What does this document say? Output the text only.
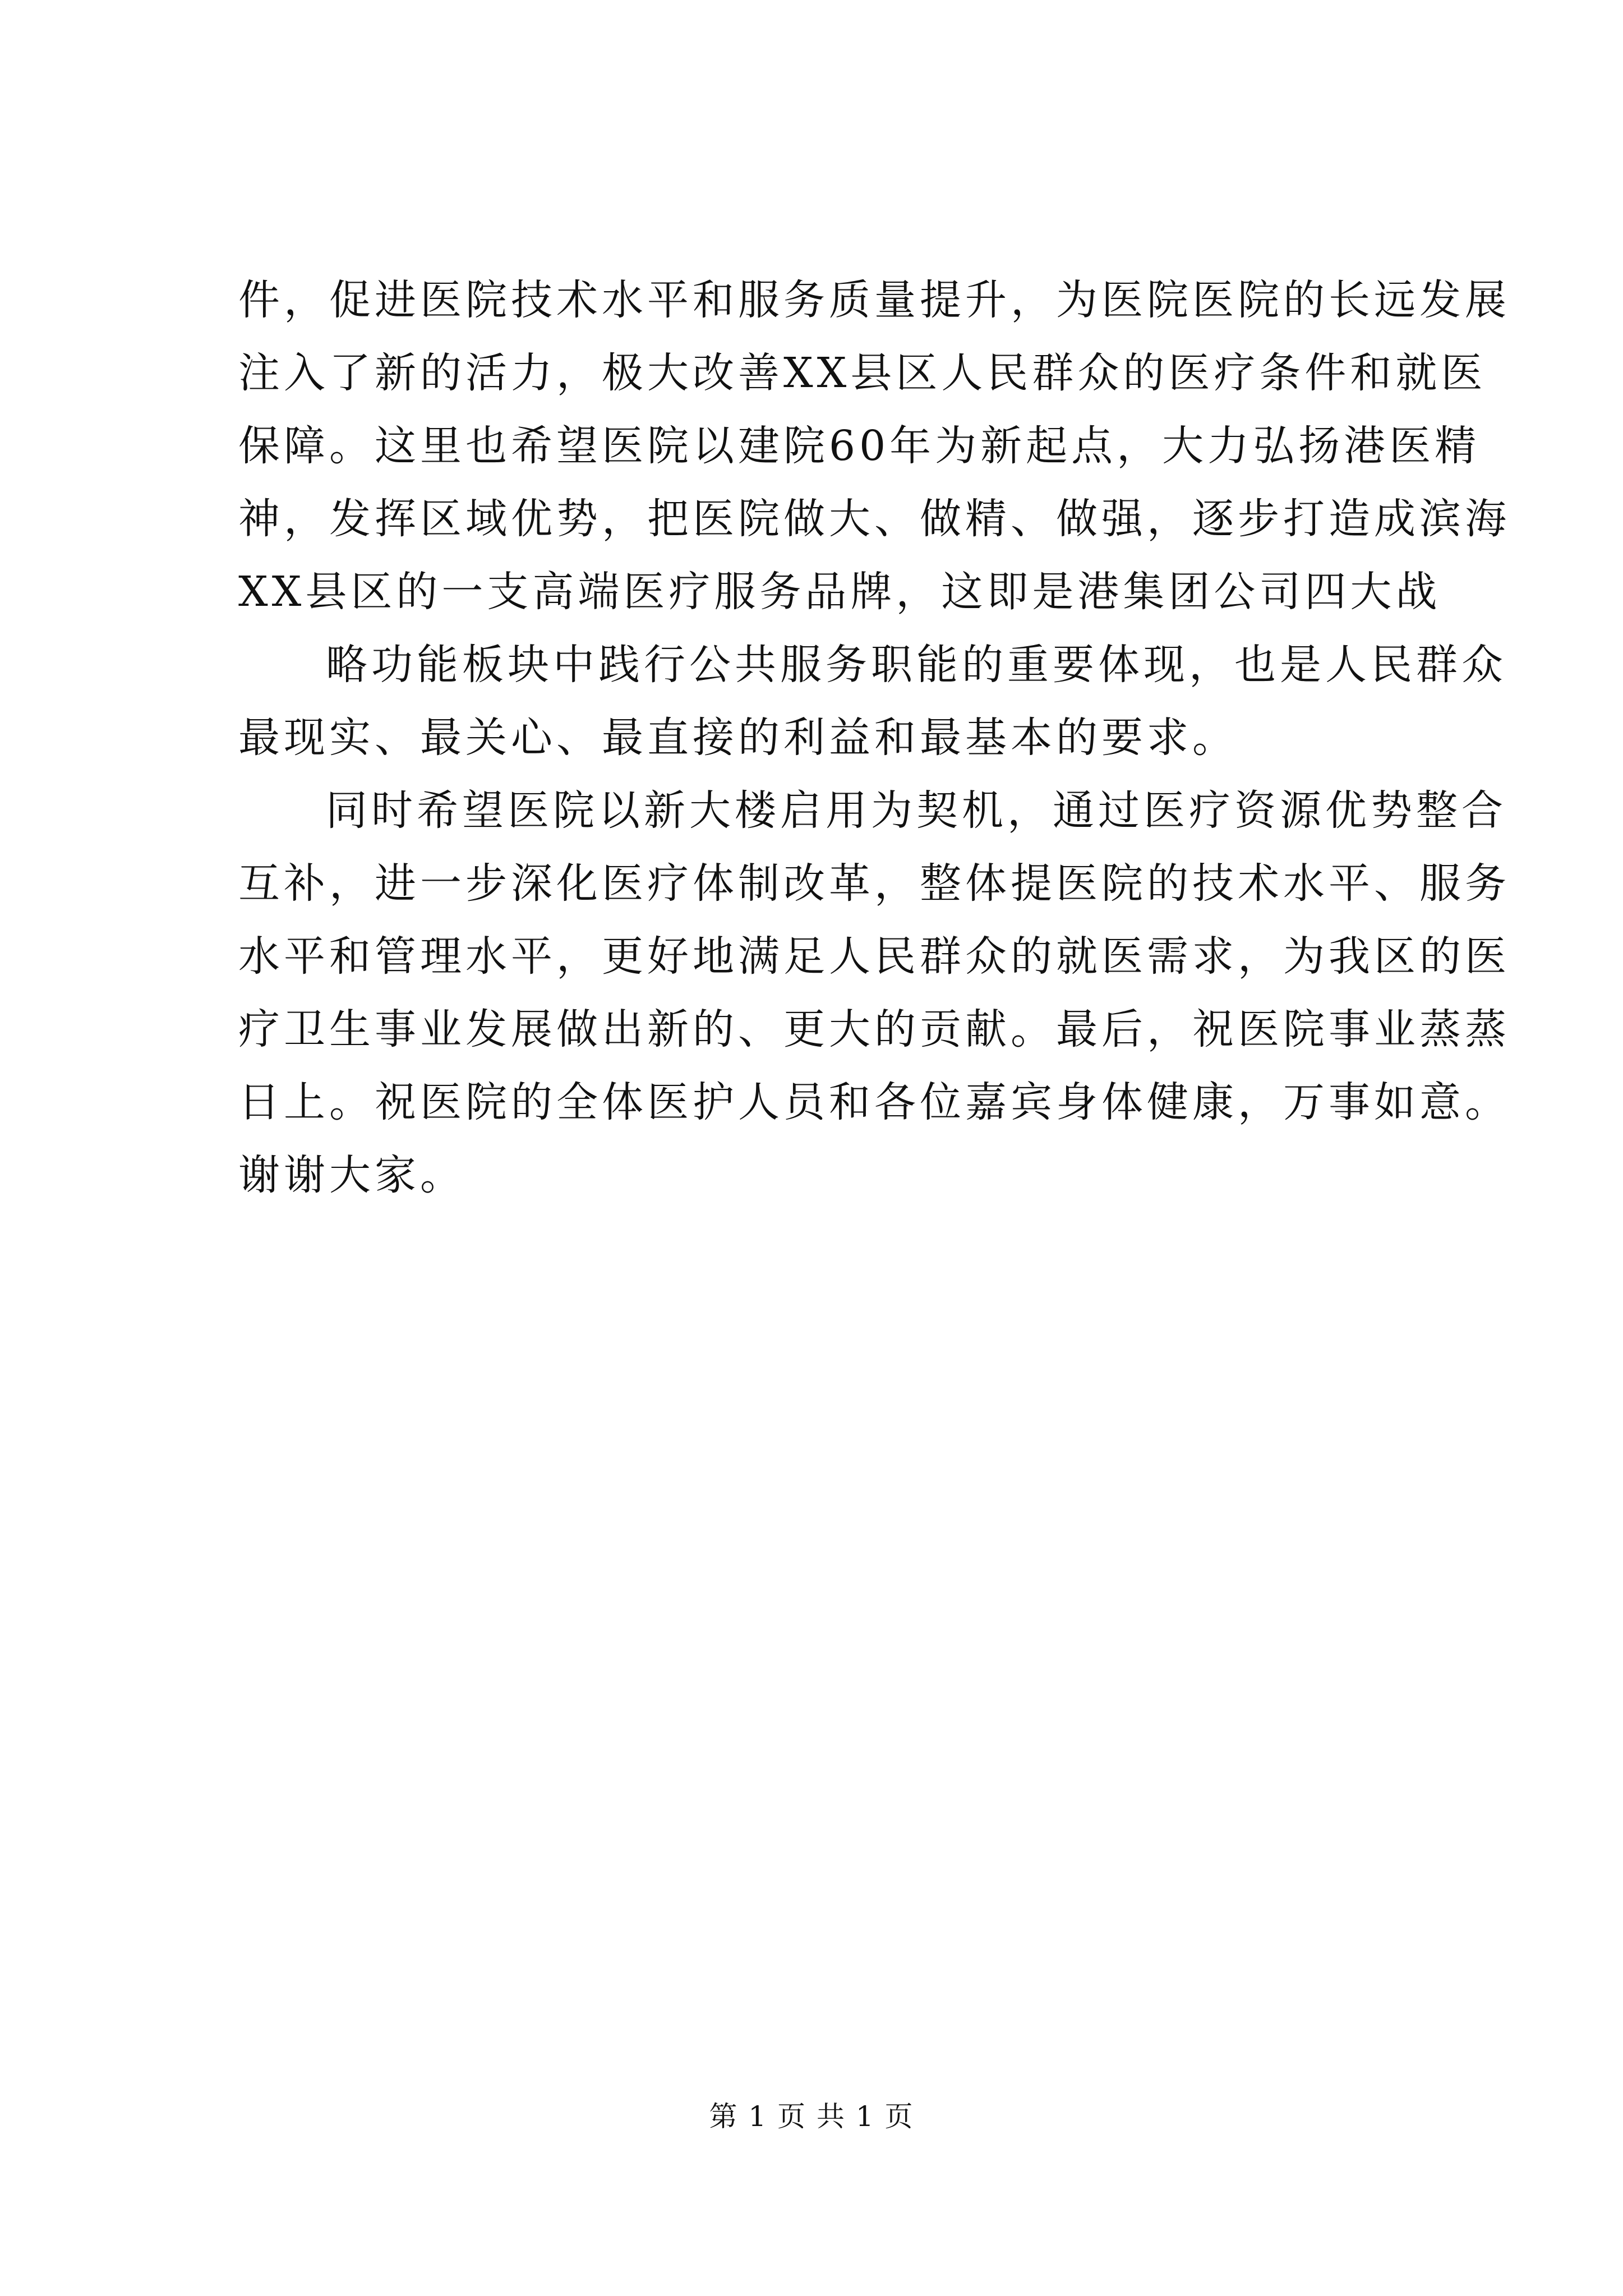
件，促进医院技术水平和服务质量提升，为医院医院的长远发展
注入了新的活力，极大改善XX县区人民群众的医疗条件和就医
保障。这里也希望医院以建院60年为新起点，大力弘扬港医精
神，发挥区域优势，把医院做大、做精、做强，逐步打造成滨海
XX县区的一支高端医疗服务品牌，这即是港集团公司四大战
略功能板块中践行公共服务职能的重要体现，也是人民群众
最现实、最关心、最直接的利益和最基本的要求。
同时希望医院以新大楼启用为契机，通过医疗资源优势整合
互补，进一步深化医疗体制改革，整体提医院的技术水平、服务
水平和管理水平，更好地满足人民群众的就医需求，为我区的医
疗卫生事业发展做出新的、更大的贡献。最后，祝医院事业蒸蒸
日上。祝医院的全体医护人员和各位嘉宾身体健康，万事如意。
谢谢大家。
第 1 页 共 1 页
